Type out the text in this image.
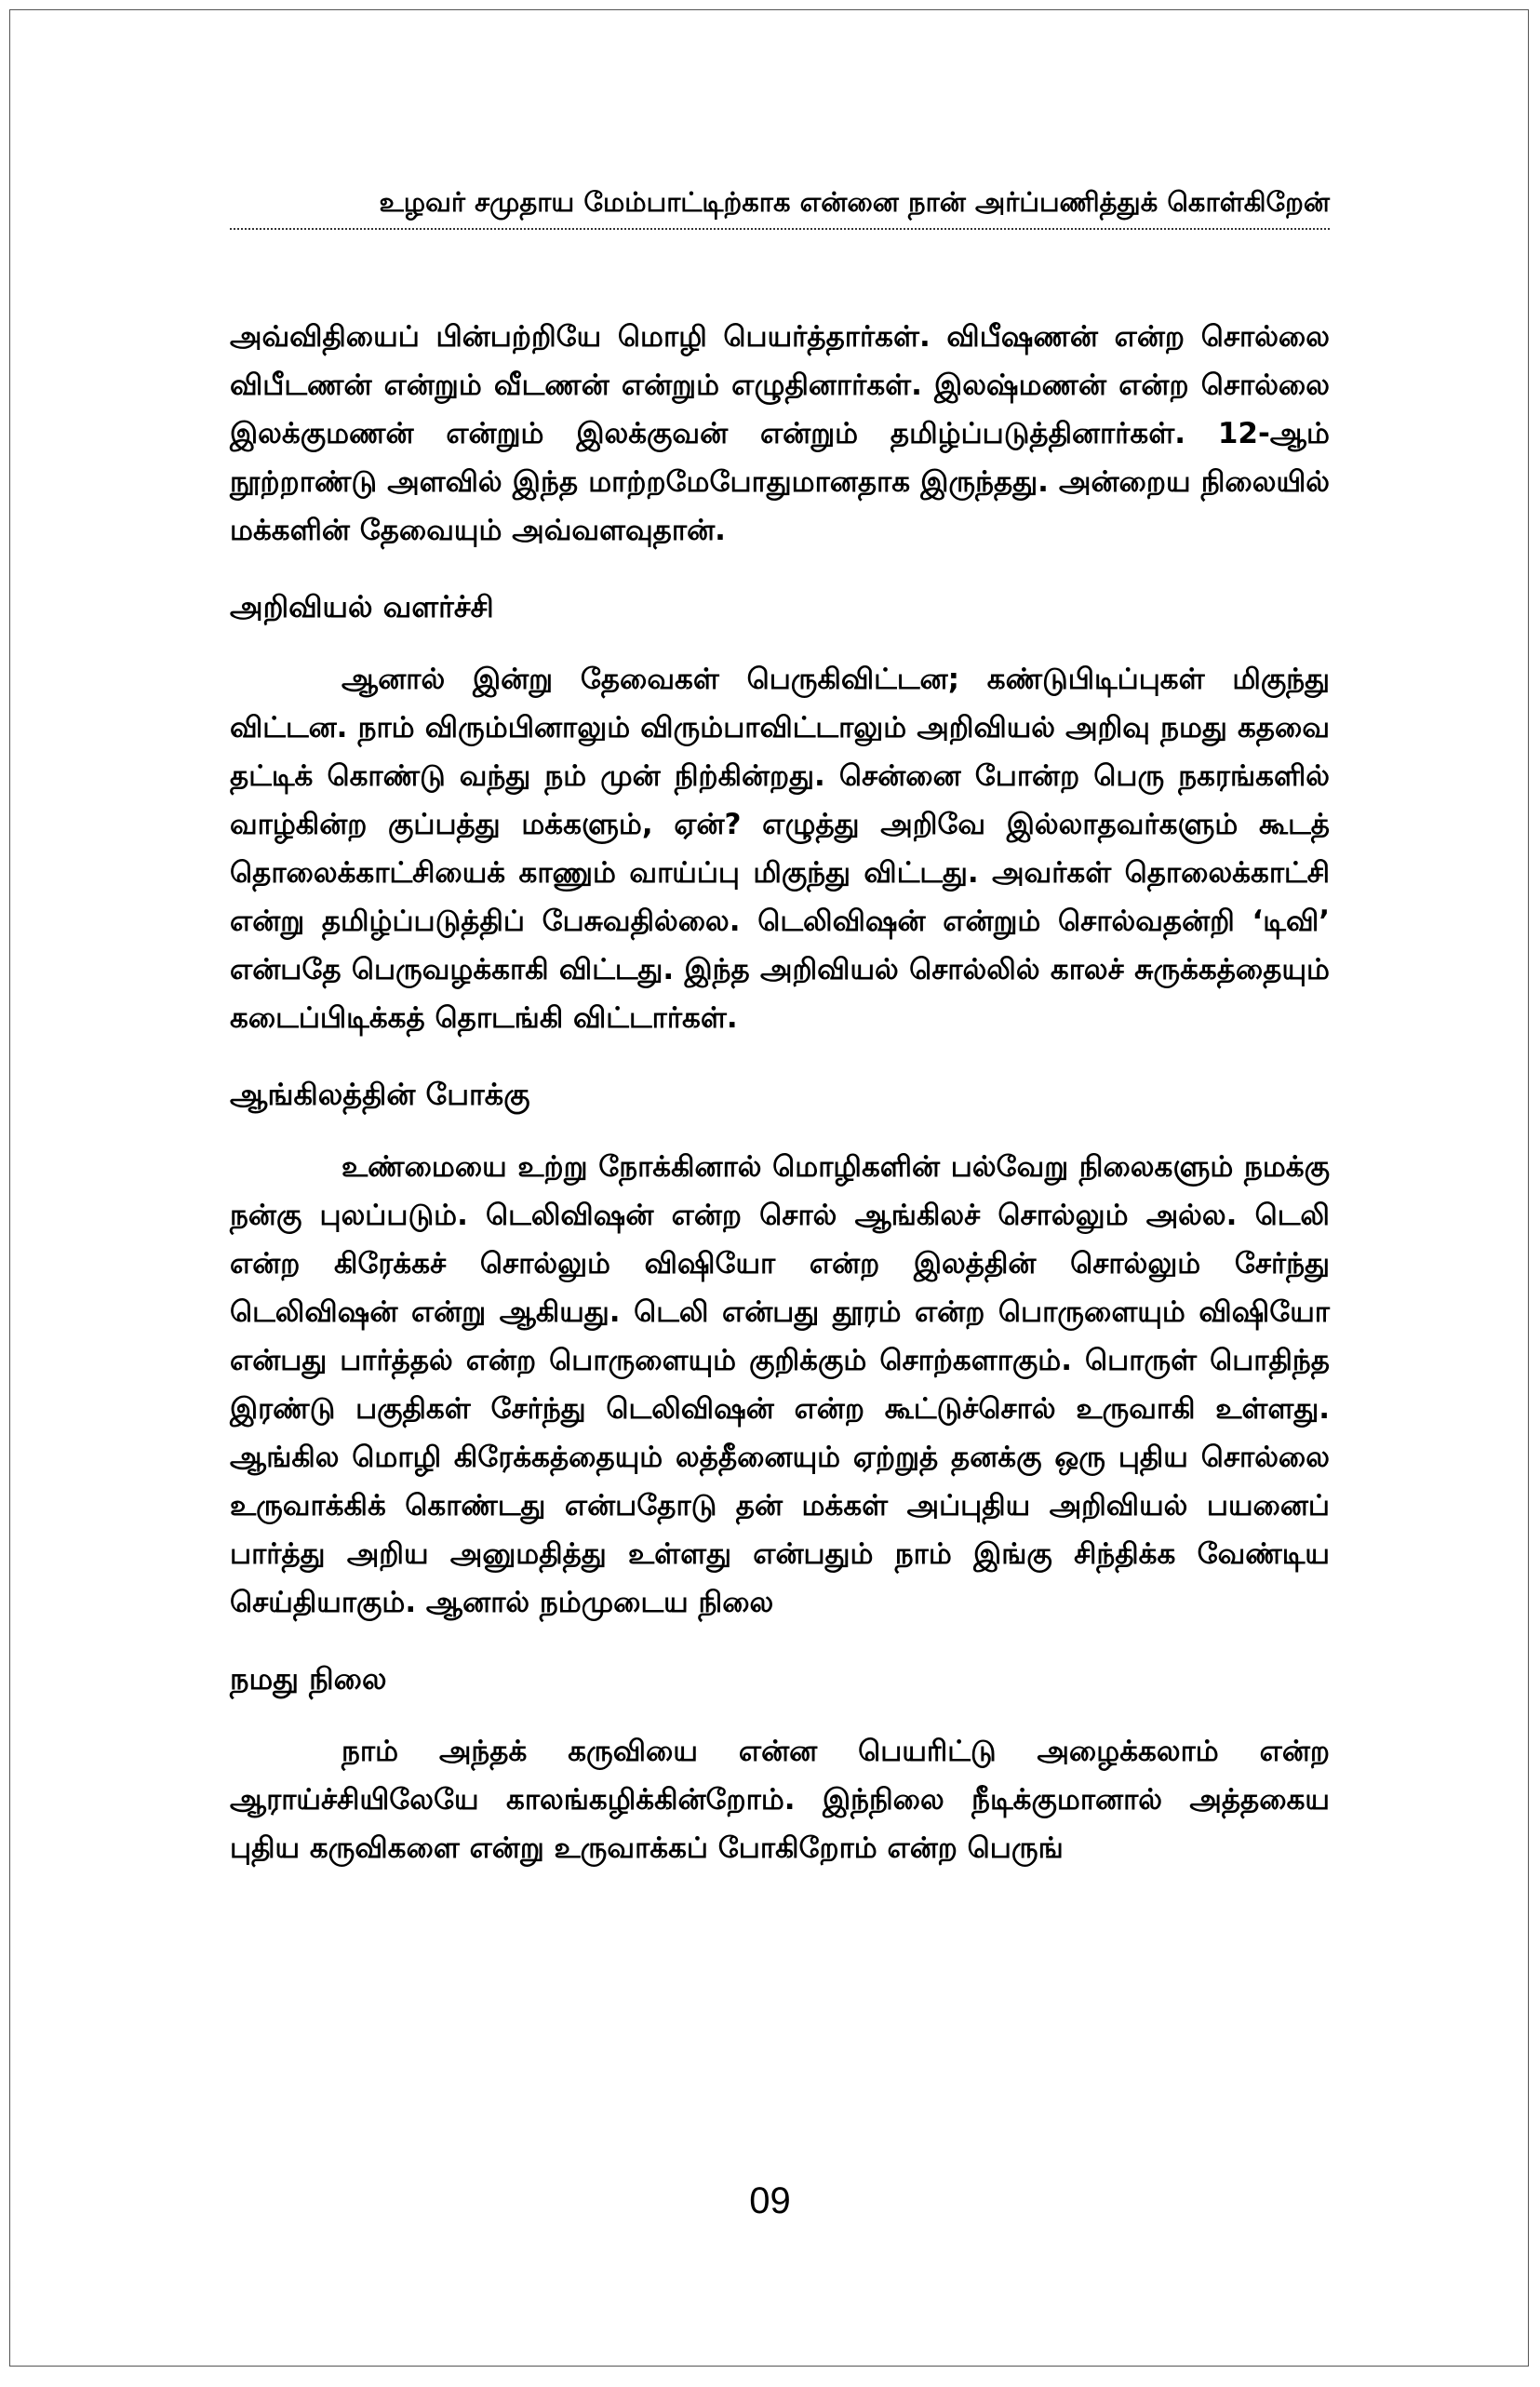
உழவர் சமுதாய மேம்பாட்டிற்காக என்னை நான் அர்ப்பணித்துக் கொள்கிறேன்

அவ்விதியைப் பின்பற்றியே மொழி பெயர்த்தார்கள். விபீஷணன் என்ற சொல்லை விபீடணன் என்றும் வீடணன் என்றும் எழுதினார்கள். இலஷ்மணன் என்ற சொல்லை இலக்குமணன் என்றும் இலக்குவன் என்றும் தமிழ்ப்படுத்தினார்கள். 12-ஆம் நூற்றாண்டு அளவில் இந்த மாற்றமேபோதுமானதாக இருந்தது. அன்றைய நிலையில் மக்களின் தேவையும் அவ்வளவுதான்.

அறிவியல் வளர்ச்சி

ஆனால் இன்று தேவைகள் பெருகிவிட்டன; கண்டுபிடிப்புகள் மிகுந்து விட்டன. நாம் விரும்பினாலும் விரும்பாவிட்டாலும் அறிவியல் அறிவு நமது கதவை தட்டிக் கொண்டு வந்து நம் முன் நிற்கின்றது. சென்னை போன்ற பெரு நகரங்களில் வாழ்கின்ற குப்பத்து மக்களும், ஏன்? எழுத்து அறிவே இல்லாதவர்களும் கூடத் தொலைக்காட்சியைக் காணும் வாய்ப்பு மிகுந்து விட்டது. அவர்கள் தொலைக்காட்சி என்று தமிழ்ப்படுத்திப் பேசுவதில்லை. டெலிவிஷன் என்றும் சொல்வதன்றி ‘டிவி’ என்பதே பெருவழக்காகி விட்டது. இந்த அறிவியல் சொல்லில் காலச் சுருக்கத்தையும் கடைப்பிடிக்கத் தொடங்கி விட்டார்கள்.

ஆங்கிலத்தின் போக்கு

உண்மையை உற்று நோக்கினால் மொழிகளின் பல்வேறு நிலைகளும் நமக்கு நன்கு புலப்படும். டெலிவிஷன் என்ற சொல் ஆங்கிலச் சொல்லும் அல்ல. டெலி என்ற கிரேக்கச் சொல்லும் விஷியோ என்ற இலத்தின் சொல்லும் சேர்ந்து டெலிவிஷன் என்று ஆகியது. டெலி என்பது தூரம் என்ற பொருளையும் விஷியோ என்பது பார்த்தல் என்ற பொருளையும் குறிக்கும் சொற்களாகும். பொருள் பொதிந்த இரண்டு பகுதிகள் சேர்ந்து டெலிவிஷன் என்ற கூட்டுச்சொல் உருவாகி உள்ளது. ஆங்கில மொழி கிரேக்கத்தையும் லத்தீனையும் ஏற்றுத் தனக்கு ஒரு புதிய சொல்லை உருவாக்கிக் கொண்டது என்பதோடு தன் மக்கள் அப்புதிய அறிவியல் பயனைப் பார்த்து அறிய அனுமதித்து உள்ளது என்பதும் நாம் இங்கு சிந்திக்க வேண்டிய செய்தியாகும். ஆனால் நம்முடைய நிலை

நமது நிலை

நாம் அந்தக் கருவியை என்ன பெயரிட்டு அழைக்கலாம் என்ற ஆராய்ச்சியிலேயே காலங்கழிக்கின்றோம். இந்நிலை நீடிக்குமானால் அத்தகைய புதிய கருவிகளை என்று உருவாக்கப் போகிறோம் என்ற பெருங்

09
